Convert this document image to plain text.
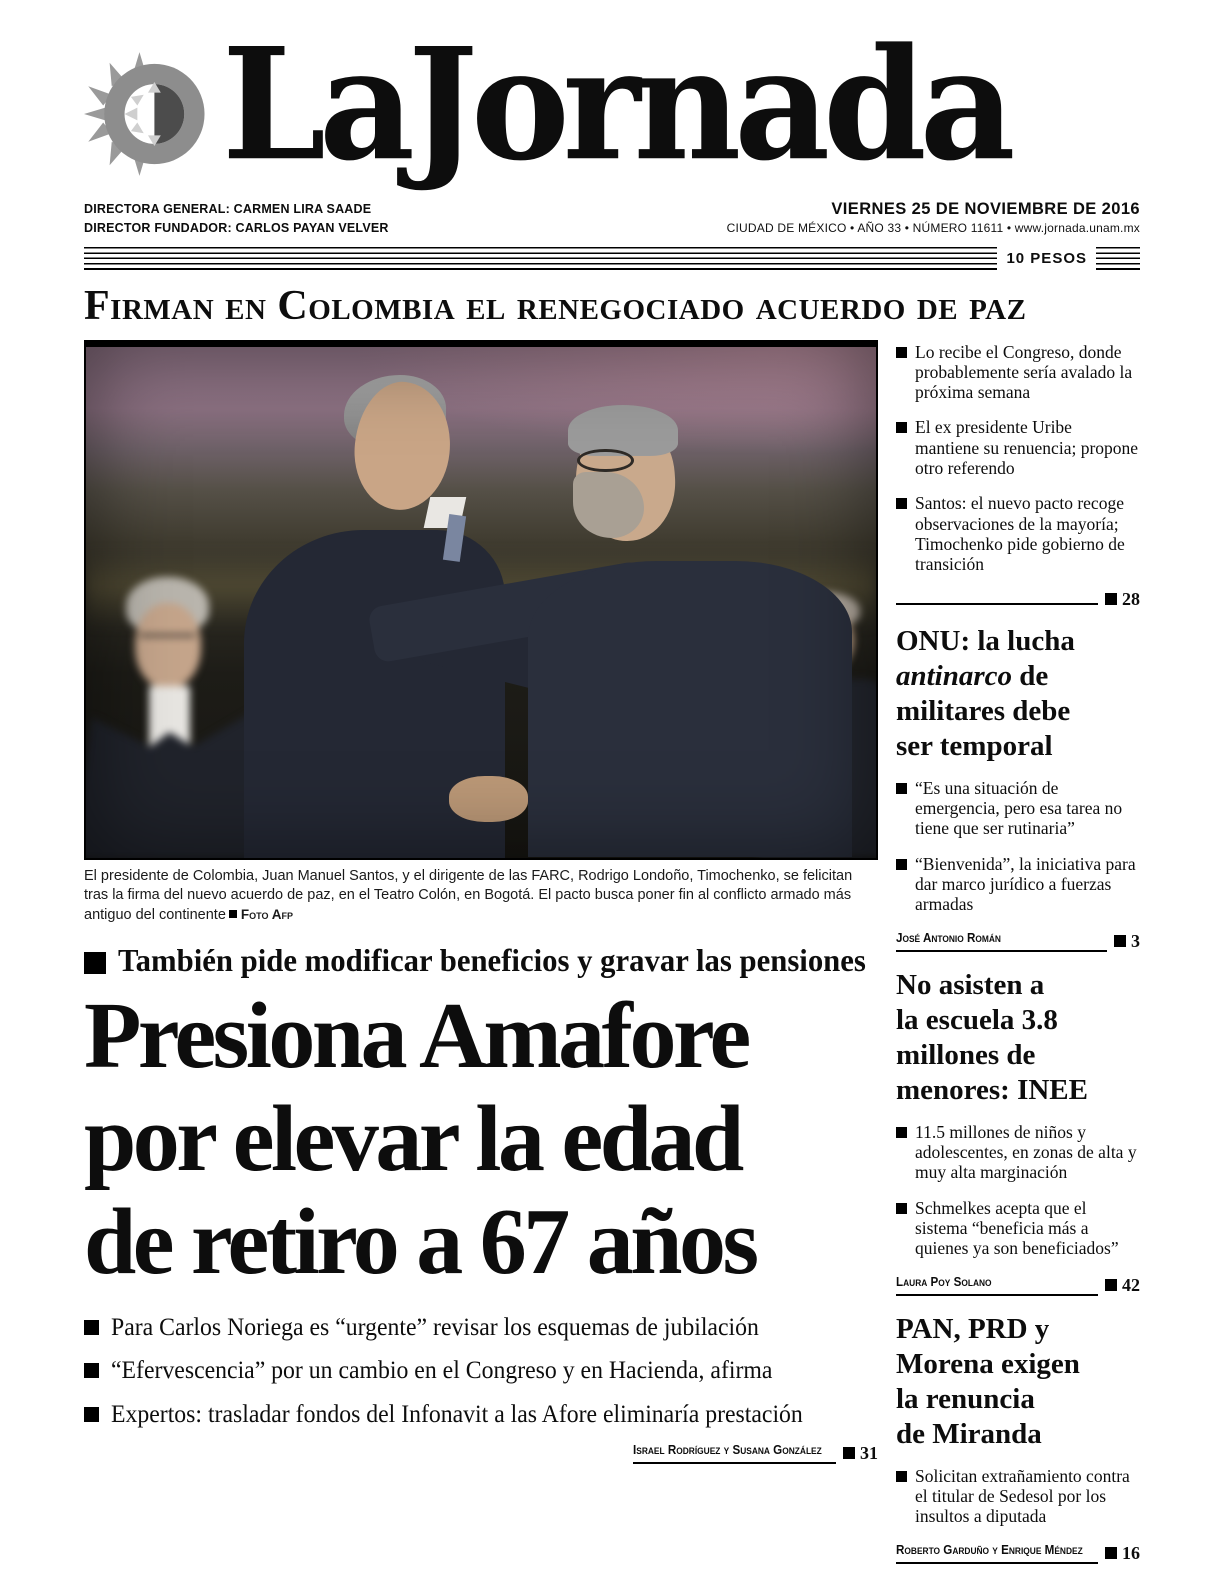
LaJornada
DIRECTORA GENERAL: CARMEN LIRA SAADE
DIRECTOR FUNDADOR: CARLOS PAYAN VELVER
VIERNES 25 DE NOVIEMBRE DE 2016
CIUDAD DE MÉXICO • AÑO 33 • NÚMERO 11611 • www.jornada.unam.mx
10 PESOS
Firman en Colombia el renegociado acuerdo de paz
El presidente de Colombia, Juan Manuel Santos, y el dirigente de las FARC, Rodrigo Londoño, Timochenko, se felicitan tras la firma del nuevo acuerdo de paz, en el Teatro Colón, en Bogotá. El pacto busca poner fin al conflicto armado más antiguo del continente Foto Afp
También pide modificar beneficios y gravar las pensiones
Presiona Amafore
por elevar la edad
de retiro a 67 años
Para Carlos Noriega es “urgente” revisar los esquemas de jubilación
“Efervescencia” por un cambio en el Congreso y en Hacienda, afirma
Expertos: trasladar fondos del Infonavit a las Afore eliminaría prestación
Israel Rodríguez y Susana González	31
Lo recibe el Congreso, donde probablemente sería avalado la próxima semana
El ex presidente Uribe mantiene su renuencia; propone otro referendo
Santos: el nuevo pacto recoge observaciones de la mayoría; Timochenko pide gobierno de transición
28
ONU: la lucha
antinarco de
militares debe
ser temporal
“Es una situación de emergencia, pero esa tarea no tiene que ser rutinaria”
“Bienvenida”, la iniciativa para dar marco jurídico a fuerzas armadas
José Antonio Román	3
No asisten a
la escuela 3.8
millones de
menores: INEE
11.5 millones de niños y adolescentes, en zonas de alta y muy alta marginación
Schmelkes acepta que el sistema “beneficia más a quienes ya son beneficiados”
Laura Poy Solano	42
PAN, PRD y
Morena exigen
la renuncia
de Miranda
Solicitan extrañamiento contra el titular de Sedesol por los insultos a diputada
Roberto Garduño y Enrique Méndez	16
